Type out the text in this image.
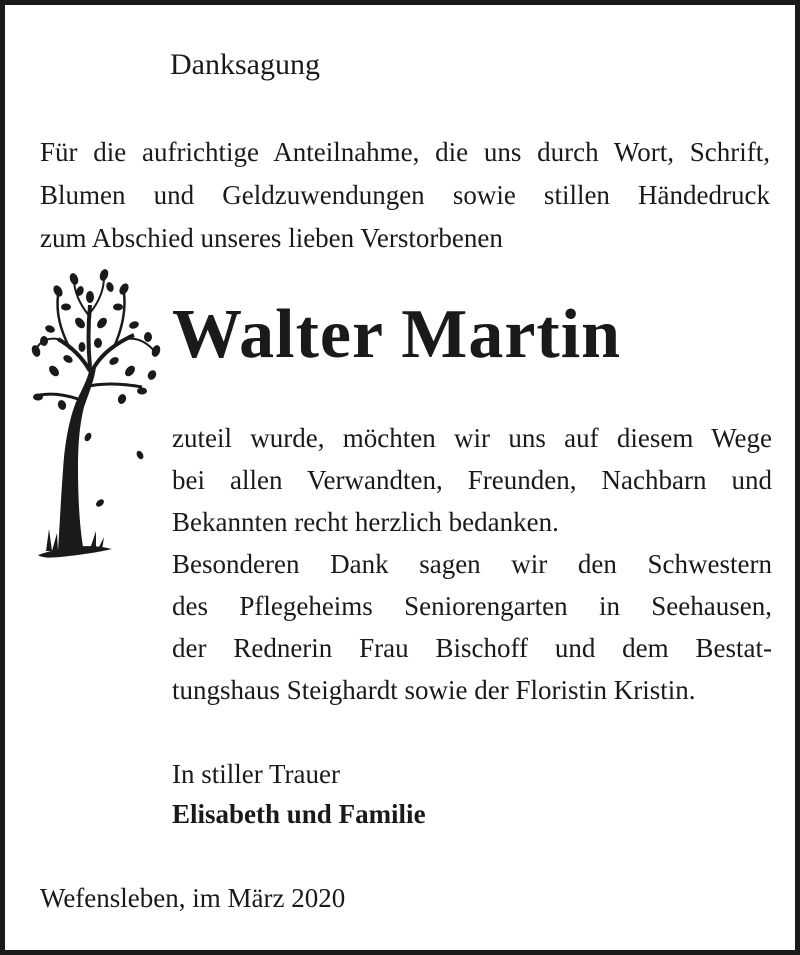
Danksagung

Für die aufrichtige Anteilnahme, die uns durch Wort, Schrift,
Blumen und Geldzuwendungen sowie stillen Händedruck
zum Abschied unseres lieben Verstorbenen

Walter Martin

zuteil wurde, möchten wir uns auf diesem Wege
bei allen Verwandten, Freunden, Nachbarn und
Bekannten recht herzlich bedanken.
Besonderen Dank sagen wir den Schwestern
des Pflegeheims Seniorengarten in Seehausen,
der Rednerin Frau Bischoff und dem Bestat-
tungshaus Steighardt sowie der Floristin Kristin.

In stiller Trauer

Elisabeth und Familie

Wefensleben, im März 2020
